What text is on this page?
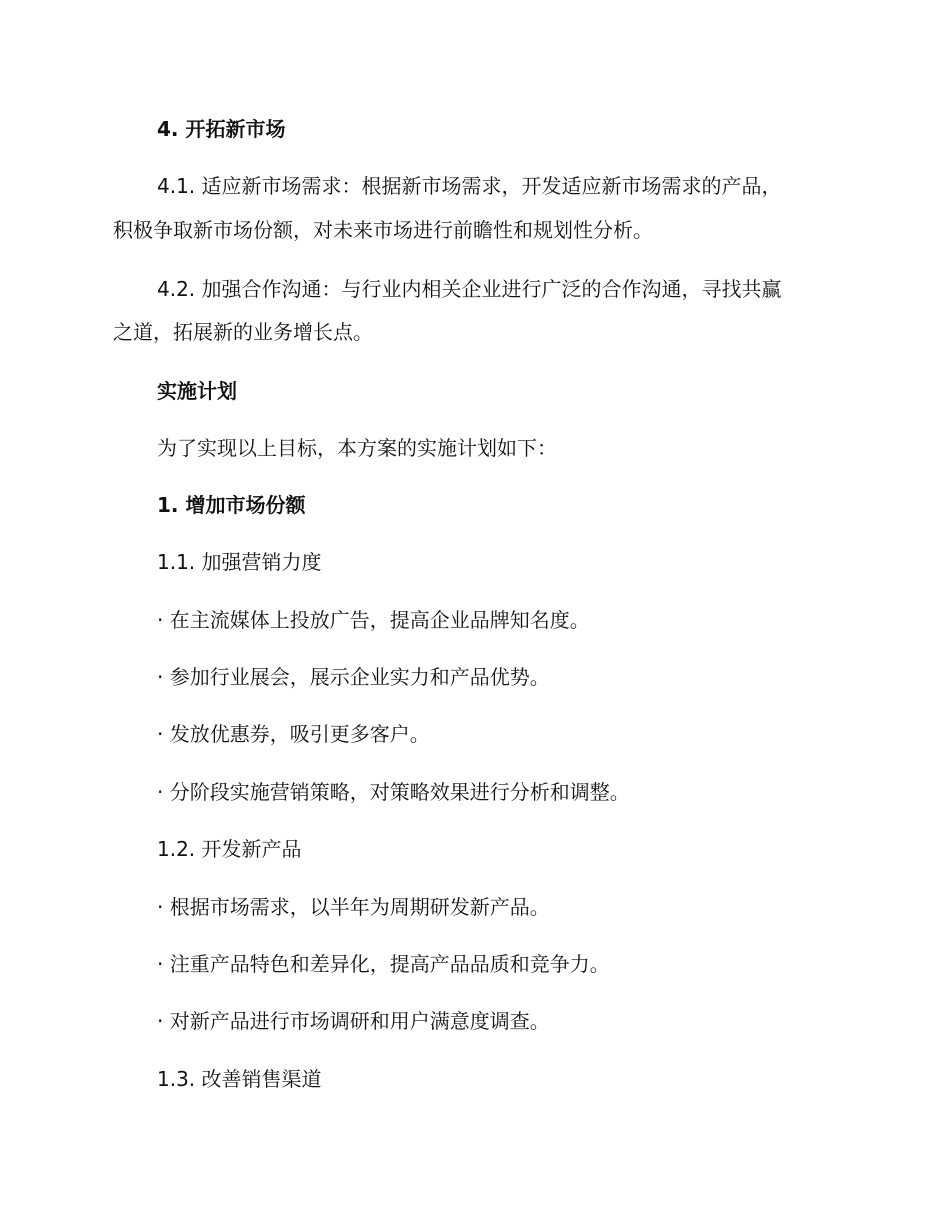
4. 开拓新市场
4.1. 适应新市场需求：根据新市场需求，开发适应新市场需求的产品，
积极争取新市场份额，对未来市场进行前瞻性和规划性分析。
4.2. 加强合作沟通：与行业内相关企业进行广泛的合作沟通，寻找共赢
之道，拓展新的业务增长点。
实施计划
为了实现以上目标，本方案的实施计划如下：
1. 增加市场份额
1.1. 加强营销力度
· 在主流媒体上投放广告，提高企业品牌知名度。
· 参加行业展会，展示企业实力和产品优势。
· 发放优惠券，吸引更多客户。
· 分阶段实施营销策略，对策略效果进行分析和调整。
1.2. 开发新产品
· 根据市场需求，以半年为周期研发新产品。
· 注重产品特色和差异化，提高产品品质和竞争力。
· 对新产品进行市场调研和用户满意度调查。
1.3. 改善销售渠道
